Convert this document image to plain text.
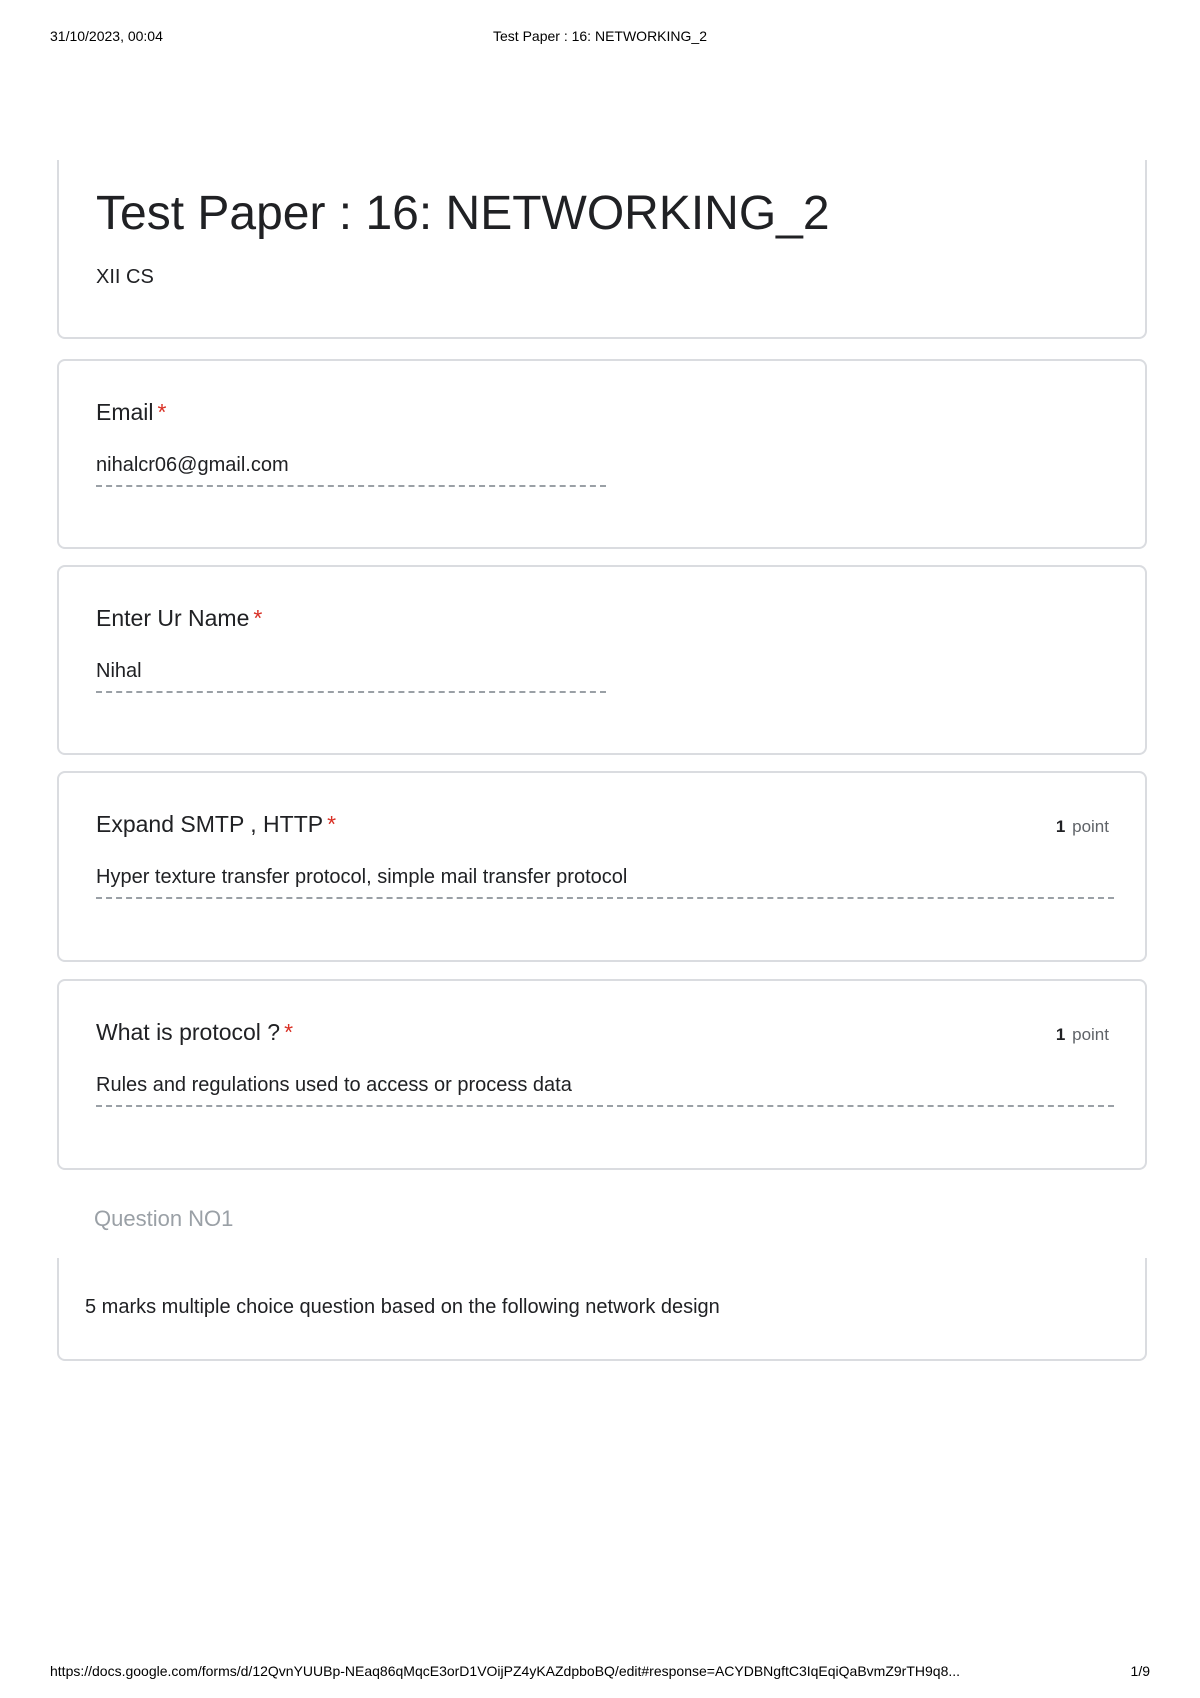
31/10/2023, 00:04	Test Paper : 16: NETWORKING_2
Test Paper : 16: NETWORKING_2
XII CS
Email *
nihalcr06@gmail.com
Enter Ur Name *
Nihal
Expand SMTP , HTTP *	1 point
Hyper texture transfer protocol, simple mail transfer protocol
What is protocol ? *	1 point
Rules and regulations used to access or process data
Question NO1
5 marks multiple choice question based on the following network design
https://docs.google.com/forms/d/12QvnYUUBp-NEaq86qMqcE3orD1VOijPZ4yKAZdpboBQ/edit#response=ACYDBNgftC3IqEqiQaBvmZ9rTH9q8...	1/9
